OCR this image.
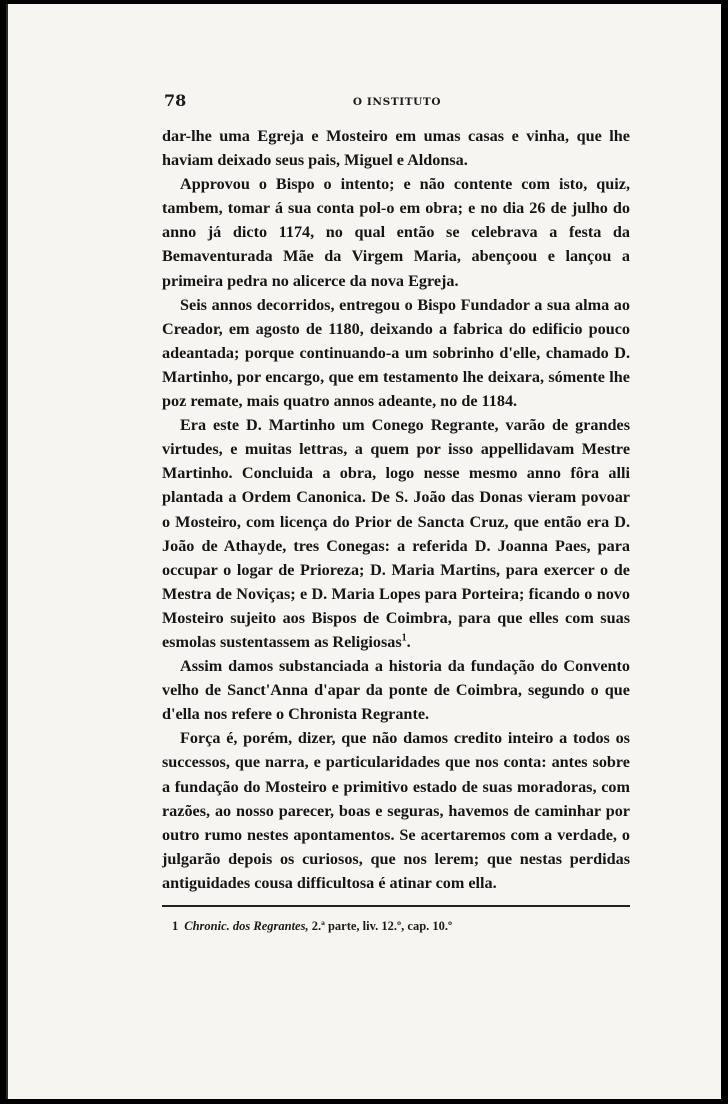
78	O INSTITUTO

dar-lhe uma Egreja e Mosteiro em umas casas e vinha, que lhe haviam deixado seus pais, Miguel e Aldonsa.

Approvou o Bispo o intento; e não contente com isto, quiz, tambem, tomar á sua conta pol-o em obra; e no dia 26 de julho do anno já dicto 1174, no qual então se celebrava a festa da Bemaventurada Mãe da Virgem Maria, abençoou e lançou a primeira pedra no alicerce da nova Egreja.

Seis annos decorridos, entregou o Bispo Fundador a sua alma ao Creador, em agosto de 1180, deixando a fabrica do edificio pouco adeantada; porque continuando-a um sobrinho d'elle, chamado D. Martinho, por encargo, que em testamento lhe deixara, sómente lhe poz remate, mais quatro annos adeante, no de 1184.

Era este D. Martinho um Conego Regrante, varão de grandes virtudes, e muitas lettras, a quem por isso appellidavam Mestre Martinho. Concluida a obra, logo nesse mesmo anno fôra alli plantada a Ordem Canonica. De S. João das Donas vieram povoar o Mosteiro, com licença do Prior de Sancta Cruz, que então era D. João de Athayde, tres Conegas: a referida D. Joanna Paes, para occupar o logar de Prioreza; D. Maria Martins, para exercer o de Mestra de Noviças; e D. Maria Lopes para Porteira; ficando o novo Mosteiro sujeito aos Bispos de Coimbra, para que elles com suas esmolas sustentassem as Religiosas$^1$.

Assim damos substanciada a historia da fundação do Convento velho de Sanct'Anna d'apar da ponte de Coimbra, segundo o que d'ella nos refere o Chronista Regrante.

Força é, porém, dizer, que não damos credito inteiro a todos os successos, que narra, e particularidades que nos conta: antes sobre a fundação do Mosteiro e primitivo estado de suas moradoras, com razões, ao nosso parecer, boas e seguras, havemos de caminhar por outro rumo nestes apontamentos. Se acertaremos com a verdade, o julgarão depois os curiosos, que nos lerem; que nestas perdidas antiguidades cousa difficultosa é atinar com ella.

1 Chronic. dos Regrantes, 2.ª parte, liv. 12.º, cap. 10.º
